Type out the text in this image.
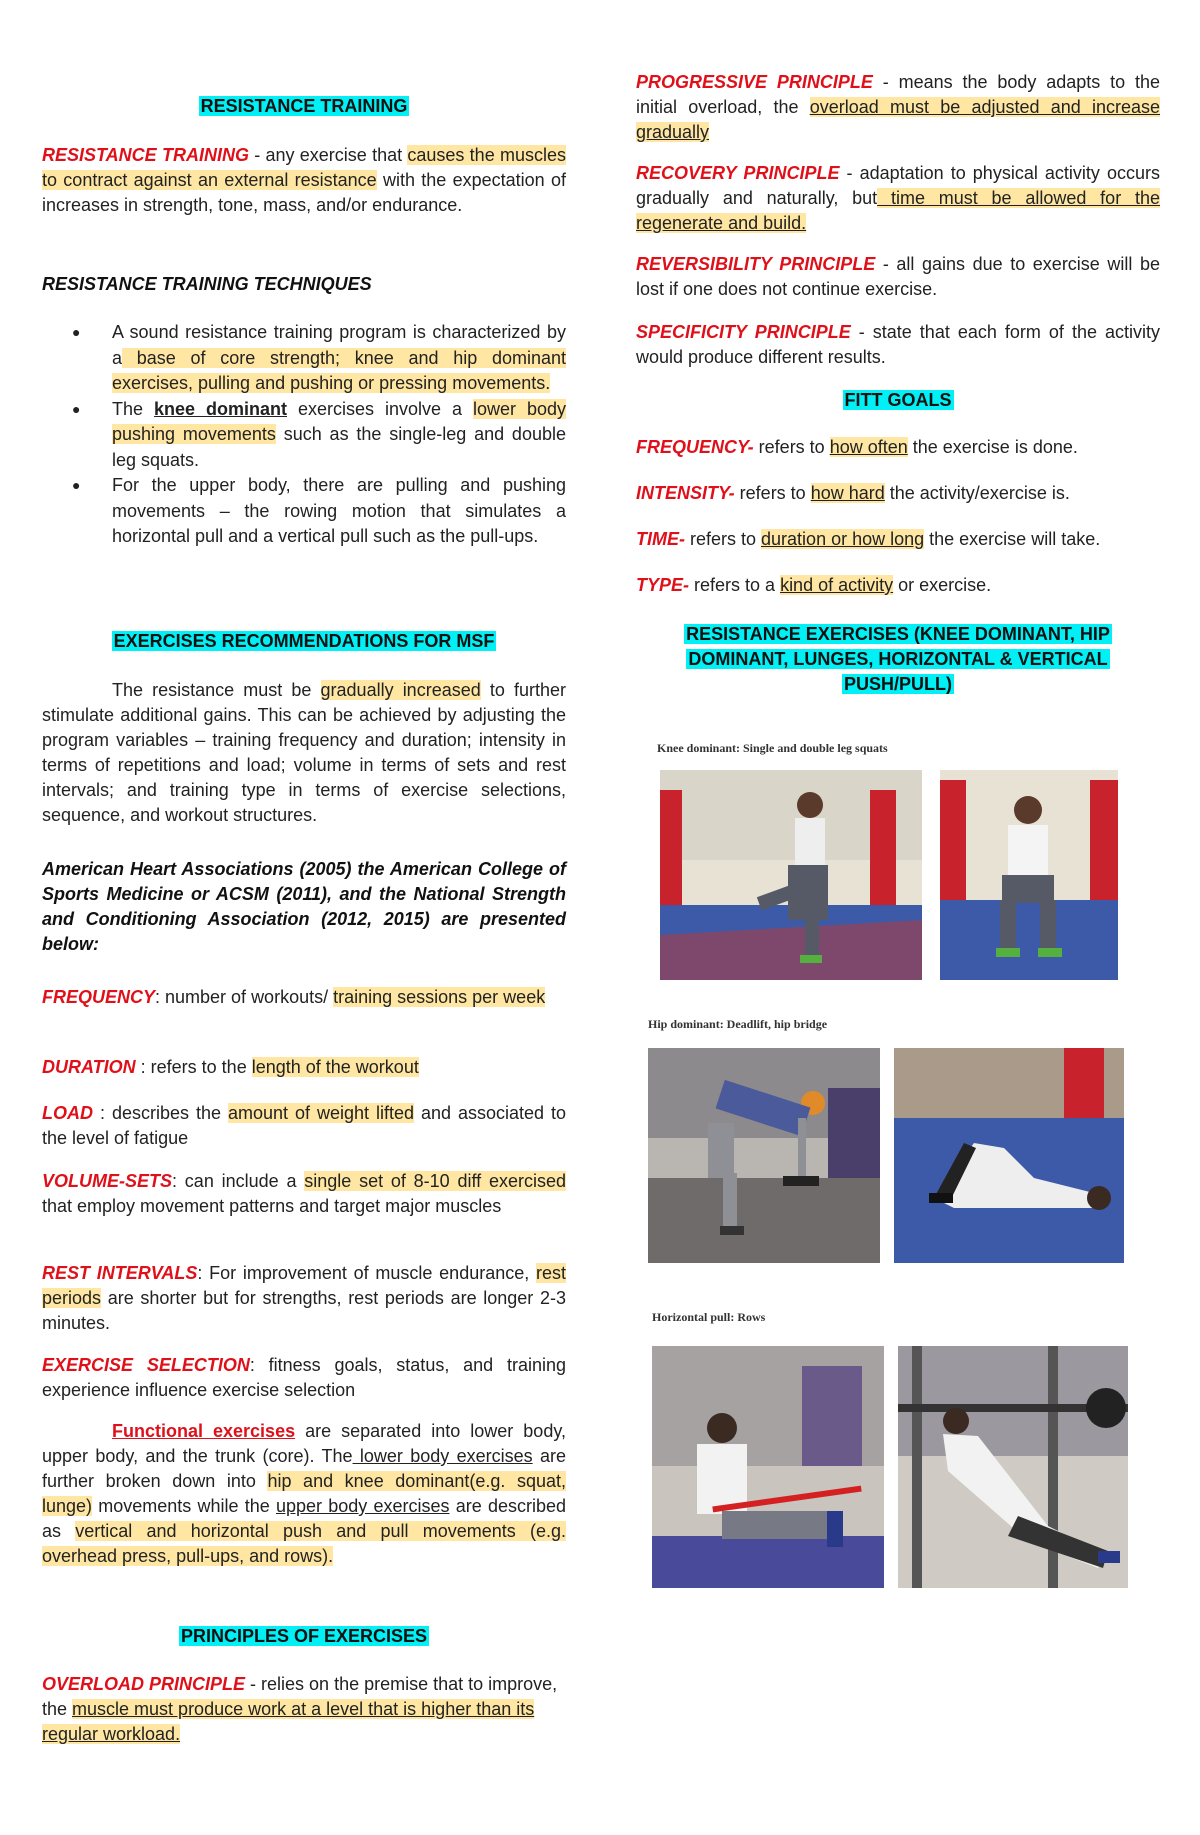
RESISTANCE TRAINING

RESISTANCE TRAINING - any exercise that causes the muscles to contract against an external resistance with the expectation of increases in strength, tone, mass, and/or endurance.

RESISTANCE TRAINING TECHNIQUES

● A sound resistance training program is characterized by a base of core strength; knee and hip dominant exercises, pulling and pushing or pressing movements.
● The knee dominant exercises involve a lower body pushing movements such as the single-leg and double leg squats.
● For the upper body, there are pulling and pushing movements – the rowing motion that simulates a horizontal pull and a vertical pull such as the pull-ups.
EXERCISES RECOMMENDATIONS FOR MSF

The resistance must be gradually increased to further stimulate additional gains. This can be achieved by adjusting the program variables – training frequency and duration; intensity in terms of repetitions and load; volume in terms of sets and rest intervals; and training type in terms of exercise selections, sequence, and workout structures.

American Heart Associations (2005) the American College of Sports Medicine or ACSM (2011), and the National Strength and Conditioning Association (2012, 2015) are presented below:

FREQUENCY: number of workouts/ training sessions per week

DURATION : refers to the length of the workout

LOAD : describes the amount of weight lifted and associated to the level of fatigue

VOLUME-SETS: can include a single set of 8-10 diff exercised that employ movement patterns and target major muscles

REST INTERVALS: For improvement of muscle endurance, rest periods are shorter but for strengths, rest periods are longer 2-3 minutes.

EXERCISE SELECTION: fitness goals, status, and training experience influence exercise selection

Functional exercises are separated into lower body, upper body, and the trunk (core). The lower body exercises are further broken down into hip and knee dominant(e.g. squat, lunge) movements while the upper body exercises are described as vertical and horizontal push and pull movements (e.g. overhead press, pull-ups, and rows).

PRINCIPLES OF EXERCISES

OVERLOAD PRINCIPLE - relies on the premise that to improve, the muscle must produce work at a level that is higher than its regular workload.

PROGRESSIVE PRINCIPLE - means the body adapts to the initial overload, the overload must be adjusted and increase gradually

RECOVERY PRINCIPLE - adaptation to physical activity occurs gradually and naturally, but time must be allowed for the regenerate and build.

REVERSIBILITY PRINCIPLE - all gains due to exercise will be lost if one does not continue exercise.

SPECIFICITY PRINCIPLE - state that each form of the activity would produce different results.

FITT GOALS

FREQUENCY- refers to how often the exercise is done.

INTENSITY- refers to how hard the activity/exercise is.

TIME- refers to duration or how long the exercise will take.

TYPE- refers to a kind of activity or exercise.

RESISTANCE EXERCISES (KNEE DOMINANT, HIP
DOMINANT, LUNGES, HORIZONTAL & VERTICAL
PUSH/PULL)
Knee dominant: Single and double leg squats
Hip dominant: Deadlift, hip bridge
Horizontal pull: Rows
